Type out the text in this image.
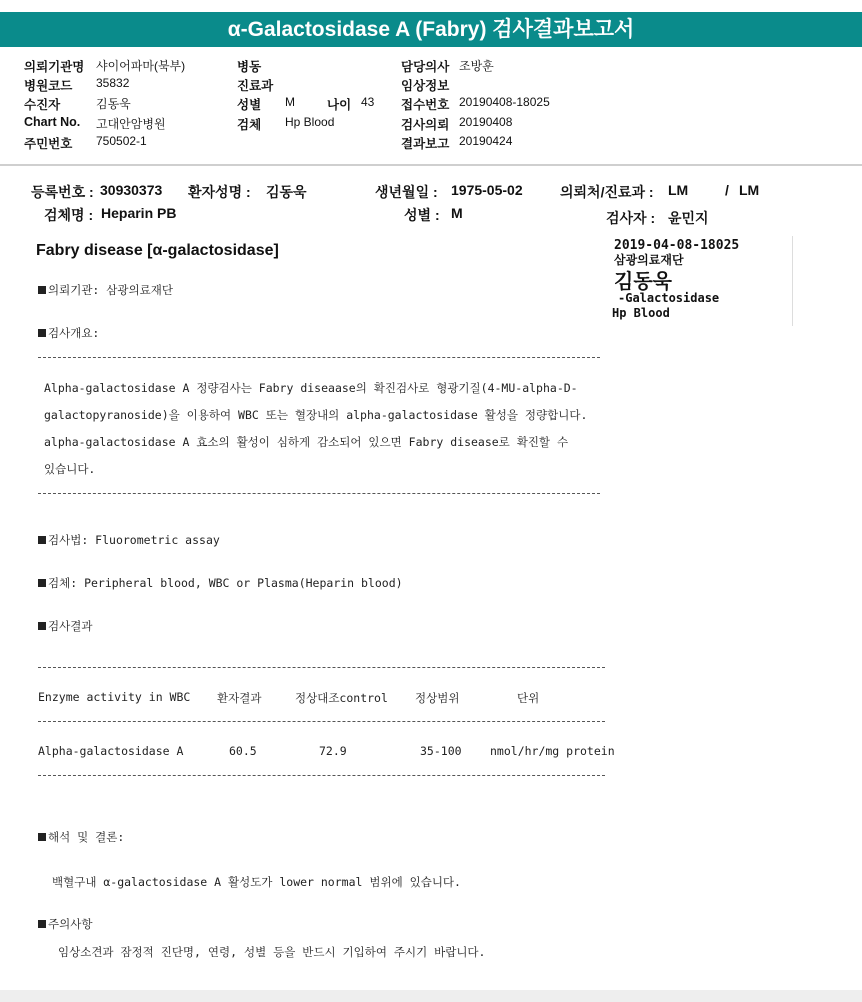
α-Galactosidase A (Fabry) 검사결과보고서
의뢰기관명 샤이어파마(북부)
병원코드 35832
수진자	김동욱
Chart No. 고대안암병원
주민번호 750502-1
병동
진료과
성별 M	나이 43
검체 Hp Blood
담당의사 조방훈
임상정보
접수번호 20190408-18025
검사의뢰 20190408
결과보고 20190424
등록번호 : 30930373 환자성명 : 김동욱	생년월일 : 1975-05-02	의뢰처/진료과 : LM	/ LM
검체명 : Heparin PB	성별 : M	검사자 : 윤민지
Fabry disease [α-galactosidase]	2019-04-08-18025
삼광의료재단
김동욱
-Galactosidase
Hp Blood
의뢰기관: 삼광의료재단
검사개요:
Alpha-galactosidase A 정량검사는 Fabry diseaase의 확진검사로 형광기질(4-MU-alpha-D-
galactopyranoside)을 이용하여 WBC 또는 혈장내의 alpha-galactosidase 활성을 정량합니다.
alpha-galactosidase A 효소의 활성이 심하게 감소되어 있으면 Fabry disease로 확진할 수
있습니다.
검사법: Fluorometric assay
검체: Peripheral blood, WBC or Plasma(Heparin blood)
검사결과
Enzyme activity in WBC 환자결과	정상대조control 정상범위	단위
Alpha-galactosidase A	60.5	72.9	35-100 nmol/hr/mg protein
해석 및 결론:
백혈구내 α-galactosidase A 활성도가 lower normal 범위에 있습니다.
주의사항
임상소견과 잠정적 진단명, 연령, 성별 등을 반드시 기입하여 주시기 바랍니다.
